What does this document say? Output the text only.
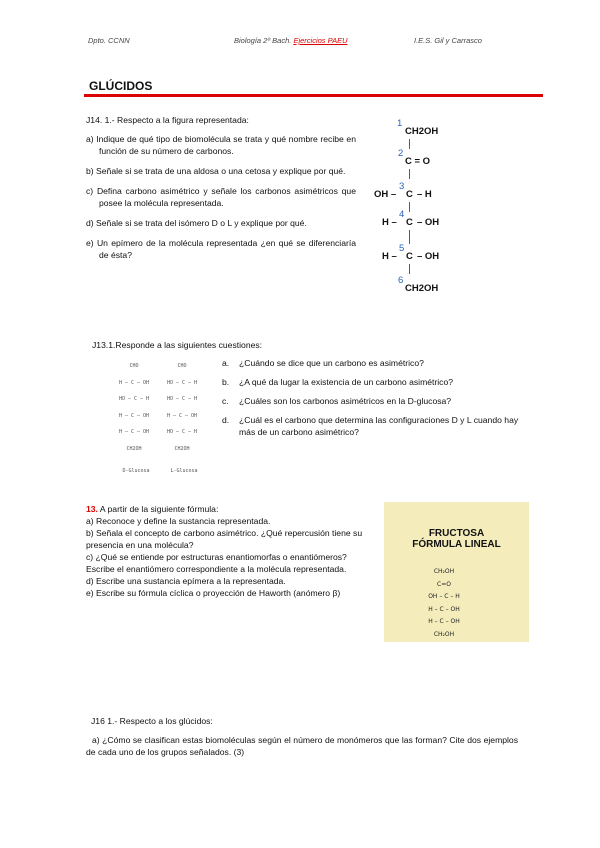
Dpto. CCNN	Biología 2º Bach. Ejercicios PAEU	I.E.S. Gil y Carrasco
GLÚCIDOS
J14. 1.- Respecto a la figura representada:
a) Indique de qué tipo de biomolécula se trata y qué nombre recibe en función de su número de carbonos.
b) Señale si se trata de una aldosa o una cetosa y explique por qué.
c) Defina carbono asimétrico y señale los carbonos asimétricos que posee la molécula representada.
d) Señale si se trata del isómero D o L y explique por qué.
e) Un epímero de la molécula representada ¿en qué se diferenciaría de ésta?
1
CH2OH
2
C = O
OH –
3
C – H
H –
4
C – OH
H –
5
C – OH
6
CH2OH
J13.1.Responde a las siguientes cuestiones:
CHO
H – C – OH
HO – C – H
H – C – OH
H – C – OH
CH2OH
CHO
HO – C – H
HO – C – H
H – C – OH
HO – C – H
CH2OH
D-Glucosa	L-Glucosa
a.	¿Cuándo se dice que un carbono es asimétrico?
b.	¿A qué da lugar la existencia de un carbono asimétrico?
c.	¿Cuáles son los carbonos asimétricos en la D-glucosa?
d.	¿Cuál es el carbono que determina las configuraciones D y L cuando hay más de un carbono asimétrico?
13. A partir de la siguiente fórmula:
a) Reconoce y define la sustancia representada.
b) Señala el concepto de carbono asimétrico. ¿Qué repercusión tiene su presencia en una molécula?
c) ¿Qué se entiende por estructuras enantiomorfas o enantiómeros? Escribe el enantiómero correspondiente a la molécula representada.
d) Escribe una sustancia epímera a la representada.
e) Escribe su fórmula cíclica o proyección de Haworth (anómero β)
FRUCTOSA
FÓRMULA LINEAL
CH₂OH
C=O
OH – C – H
H – C – OH
H – C – OH
CH₂OH
J16 1.- Respecto a los glúcidos:
a) ¿Cómo se clasifican estas biomoléculas según el número de monómeros que las forman? Cite dos ejemplos de cada uno de los grupos señalados. (3)
